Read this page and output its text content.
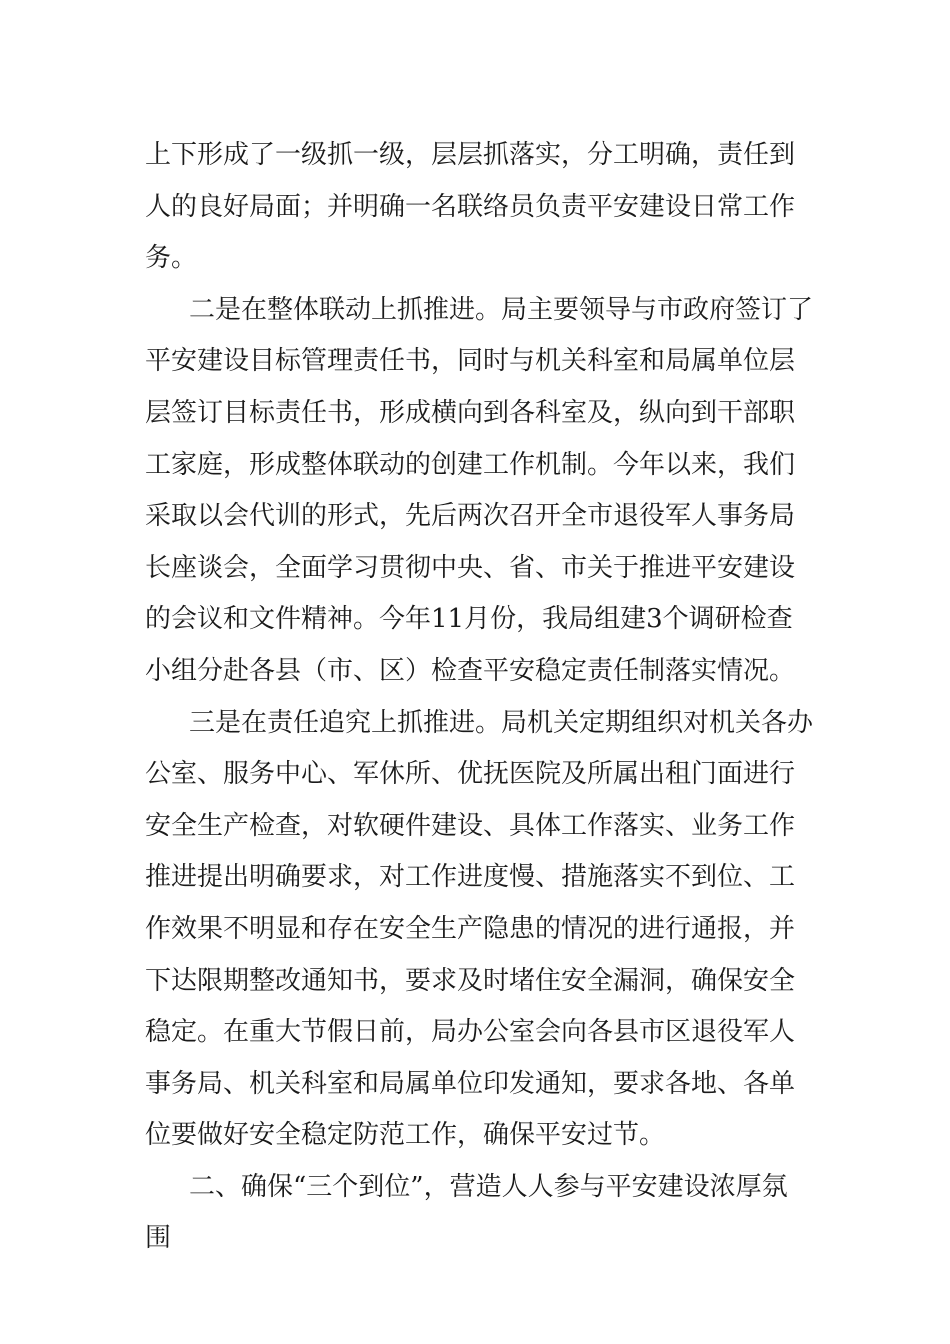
上下形成了一级抓一级，层层抓落实，分工明确，责任到
人的良好局面；并明确一名联络员负责平安建设日常工作
务。
二是在整体联动上抓推进。局主要领导与市政府签订了
平安建设目标管理责任书，同时与机关科室和局属单位层
层签订目标责任书，形成横向到各科室及，纵向到干部职
工家庭，形成整体联动的创建工作机制。今年以来，我们
采取以会代训的形式，先后两次召开全市退役军人事务局
长座谈会，全面学习贯彻中央、省、市关于推进平安建设
的会议和文件精神。今年11月份，我局组建3个调研检查
小组分赴各县（市、区）检查平安稳定责任制落实情况。
三是在责任追究上抓推进。局机关定期组织对机关各办
公室、服务中心、军休所、优抚医院及所属出租门面进行
安全生产检查，对软硬件建设、具体工作落实、业务工作
推进提出明确要求，对工作进度慢、措施落实不到位、工
作效果不明显和存在安全生产隐患的情况的进行通报，并
下达限期整改通知书，要求及时堵住安全漏洞，确保安全
稳定。在重大节假日前，局办公室会向各县市区退役军人
事务局、机关科室和局属单位印发通知，要求各地、各单
位要做好安全稳定防范工作，确保平安过节。
二、确保“三个到位”，营造人人参与平安建设浓厚氛
围
